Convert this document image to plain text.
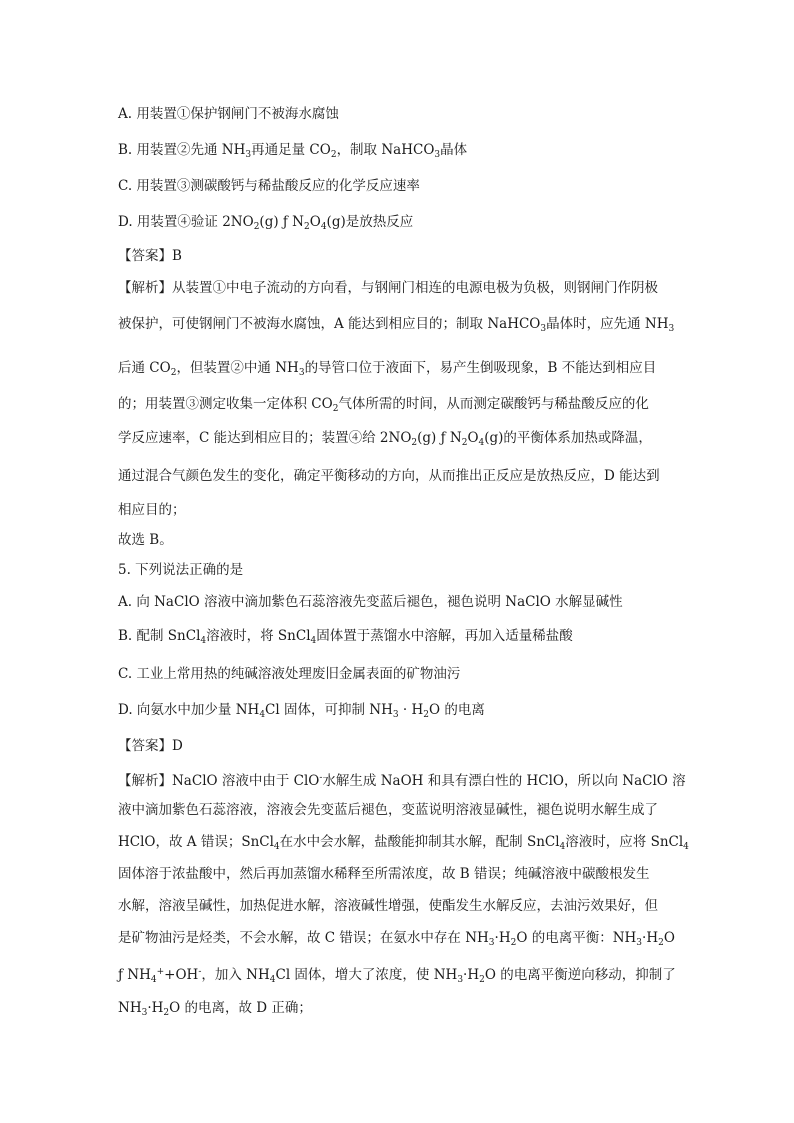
A. 用装置①保护钢闸门不被海水腐蚀
B. 用装置②先通 $NH_3$再通足量 $CO_2$，制取 NaHCO$_3$晶体
C. 用装置③测碳酸钙与稀盐酸反应的化学反应速率
D. 用装置④验证 $2NO_2(g)$ ƒ $N_2O_4(g)$是放热反应
【答案】B
【解析】从装置①中电子流动的方向看，与钢闸门相连的电源电极为负极，则钢闸门作阴极
被保护，可使钢闸门不被海水腐蚀，A 能达到相应目的；制取 NaHCO$_3$晶体时，应先通 $NH_3$
后通 $CO_2$，但装置②中通 $NH_3$的导管口位于液面下，易产生倒吸现象，B 不能达到相应目
的；用装置③测定收集一定体积 $CO_2$气体所需的时间，从而测定碳酸钙与稀盐酸反应的化
学反应速率，C 能达到相应目的；装置④给 $2NO_2(g)$ ƒ $N_2O_4(g)$的平衡体系加热或降温，
通过混合气颜色发生的变化，确定平衡移动的方向，从而推出正反应是放热反应，D 能达到
相应目的；
故选 B。
5. 下列说法正确的是
A. 向 NaClO 溶液中滴加紫色石蕊溶液先变蓝后褪色，褪色说明 NaClO 水解显碱性
B. 配制 SnCl$_4$溶液时，将 SnCl$_4$固体置于蒸馏水中溶解，再加入适量稀盐酸
C. 工业上常用热的纯碱溶液处理废旧金属表面的矿物油污
D. 向氨水中加少量 $NH_4Cl$ 固体，可抑制 $NH_3 \cdot H_2O$ 的电离
【答案】D
【解析】NaClO 溶液中由于 ClO-水解生成 NaOH 和具有漂白性的 HClO，所以向 NaClO 溶
液中滴加紫色石蕊溶液，溶液会先变蓝后褪色，变蓝说明溶液显碱性，褪色说明水解生成了
HClO，故 A 错误；SnCl$_4$在水中会水解，盐酸能抑制其水解，配制 SnCl$_4$溶液时，应将 SnCl$_4$
固体溶于浓盐酸中，然后再加蒸馏水稀释至所需浓度，故 B 错误；纯碱溶液中碳酸根发生
水解，溶液呈碱性，加热促进水解，溶液碱性增强，使酯发生水解反应，去油污效果好，但
是矿物油污是烃类，不会水解，故 C 错误；在氨水中存在 $NH_3\cdot H_2O$ 的电离平衡：$NH_3\cdot H_2O$
ƒ $NH_4^++OH^-$，加入 $NH_4Cl$ 固体，增大了浓度，使 $NH_3\cdot H_2O$ 的电离平衡逆向移动，抑制了
$NH_3\cdot H_2O$ 的电离，故 D 正确；
